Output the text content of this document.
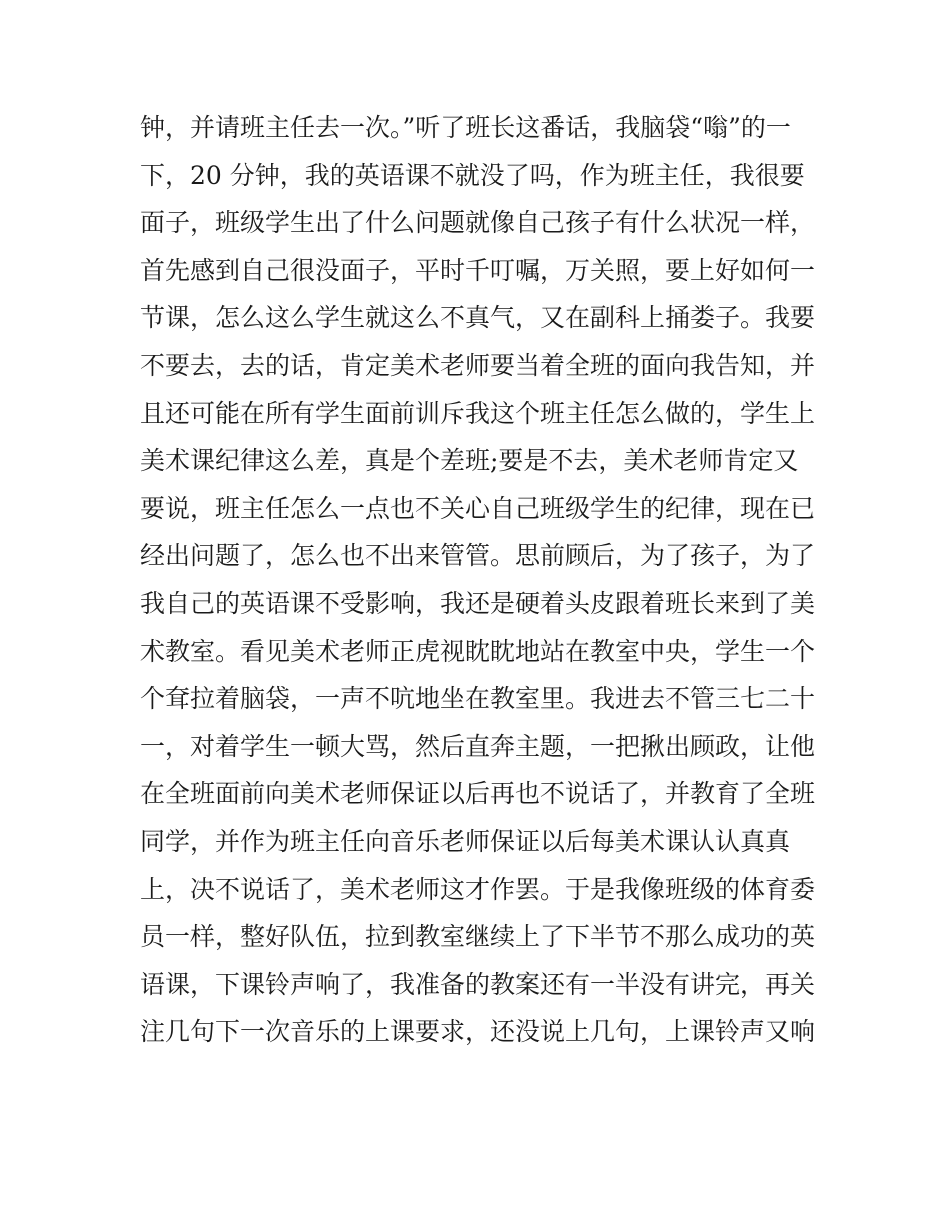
钟，并请班主任去一次。”听了班长这番话，我脑袋“嗡”的一
下，20 分钟，我的英语课不就没了吗，作为班主任，我很要
面子，班级学生出了什么问题就像自己孩子有什么状况一样，
首先感到自己很没面子，平时千叮嘱，万关照，要上好如何一
节课，怎么这么学生就这么不真气，又在副科上捅娄子。我要
不要去，去的话，肯定美术老师要当着全班的面向我告知，并
且还可能在所有学生面前训斥我这个班主任怎么做的，学生上
美术课纪律这么差，真是个差班;要是不去，美术老师肯定又
要说，班主任怎么一点也不关心自己班级学生的纪律，现在已
经出问题了，怎么也不出来管管。思前顾后，为了孩子，为了
我自己的英语课不受影响，我还是硬着头皮跟着班长来到了美
术教室。看见美术老师正虎视眈眈地站在教室中央，学生一个
个耷拉着脑袋，一声不吭地坐在教室里。我进去不管三七二十
一，对着学生一顿大骂，然后直奔主题，一把揪出顾政，让他
在全班面前向美术老师保证以后再也不说话了，并教育了全班
同学，并作为班主任向音乐老师保证以后每美术课认认真真
上，决不说话了，美术老师这才作罢。于是我像班级的体育委
员一样，整好队伍，拉到教室继续上了下半节不那么成功的英
语课，下课铃声响了，我准备的教案还有一半没有讲完，再关
注几句下一次音乐的上课要求，还没说上几句，上课铃声又响
